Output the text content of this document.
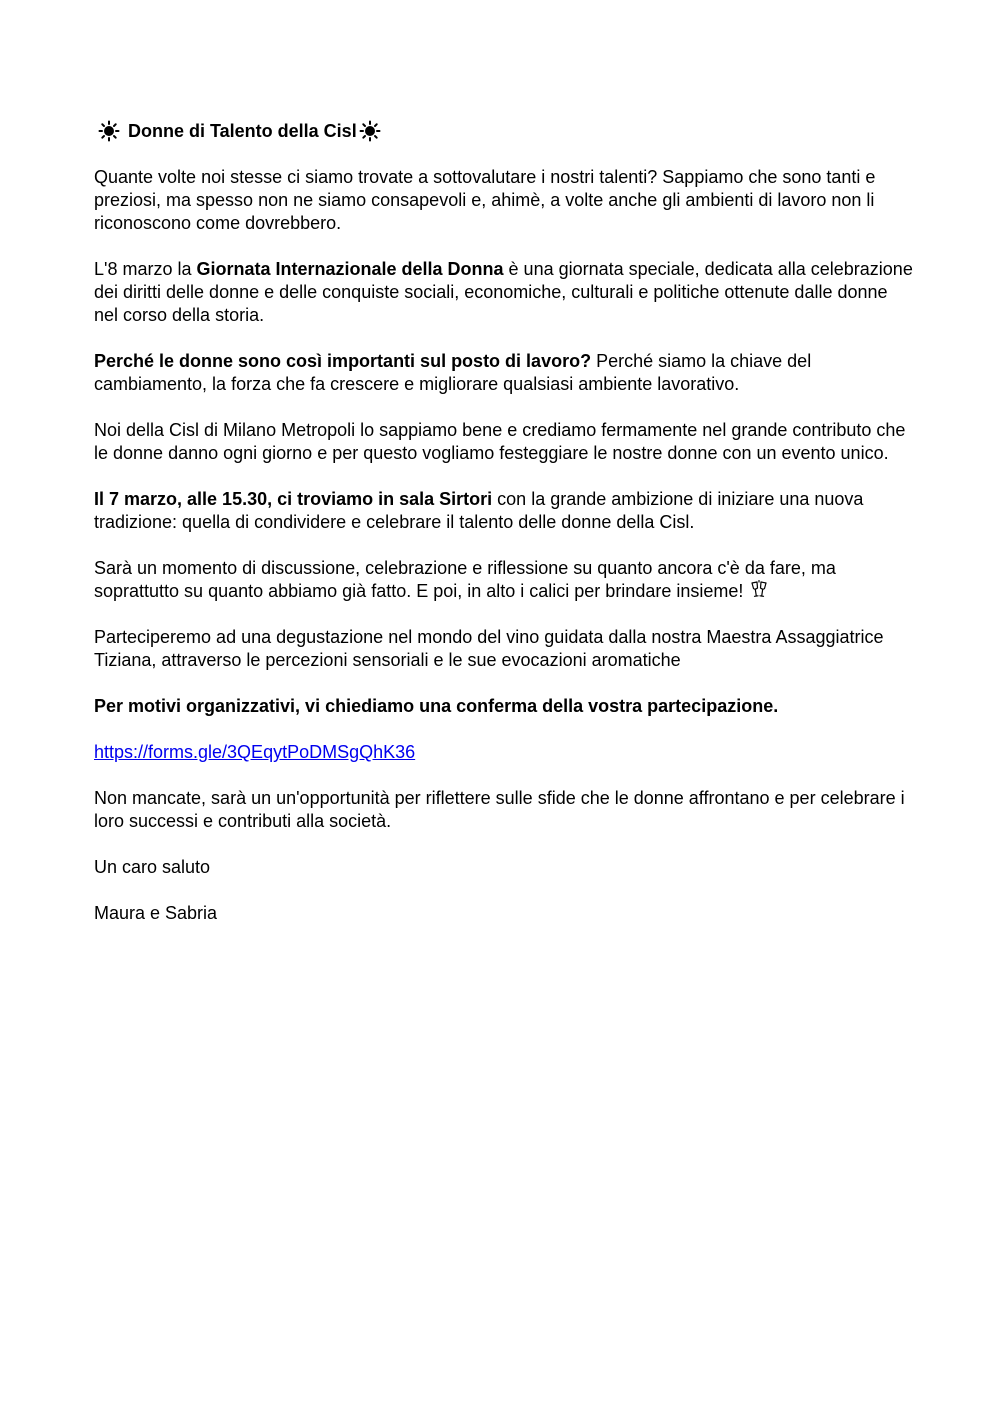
Donne di Talento della Cisl

Quante volte noi stesse ci siamo trovate a sottovalutare i nostri talenti? Sappiamo che sono tanti e preziosi, ma spesso non ne siamo consapevoli e, ahimè, a volte anche gli ambienti di lavoro non li riconoscono come dovrebbero.

L'8 marzo la Giornata Internazionale della Donna è una giornata speciale, dedicata alla celebrazione dei diritti delle donne e delle conquiste sociali, economiche, culturali e politiche ottenute dalle donne nel corso della storia.

Perché le donne sono così importanti sul posto di lavoro? Perché siamo la chiave del cambiamento, la forza che fa crescere e migliorare qualsiasi ambiente lavorativo.

Noi della Cisl di Milano Metropoli lo sappiamo bene e crediamo fermamente nel grande contributo che le donne danno ogni giorno e per questo vogliamo festeggiare le nostre donne con un evento unico.

Il 7 marzo, alle 15.30, ci troviamo in sala Sirtori con la grande ambizione di iniziare una nuova tradizione: quella di condividere e celebrare il talento delle donne della Cisl.

Sarà un momento di discussione, celebrazione e riflessione su quanto ancora c'è da fare, ma soprattutto su quanto abbiamo già fatto. E poi, in alto i calici per brindare insieme!

Parteciperemo ad una degustazione nel mondo del vino guidata dalla nostra Maestra Assaggiatrice Tiziana, attraverso le percezioni sensoriali e le sue evocazioni aromatiche

Per motivi organizzativi, vi chiediamo una conferma della vostra partecipazione.

https://forms.gle/3QEqytPoDMSgQhK36

Non mancate, sarà un un'opportunità per riflettere sulle sfide che le donne affrontano e per celebrare i loro successi e contributi alla società.

Un caro saluto

Maura e Sabria
